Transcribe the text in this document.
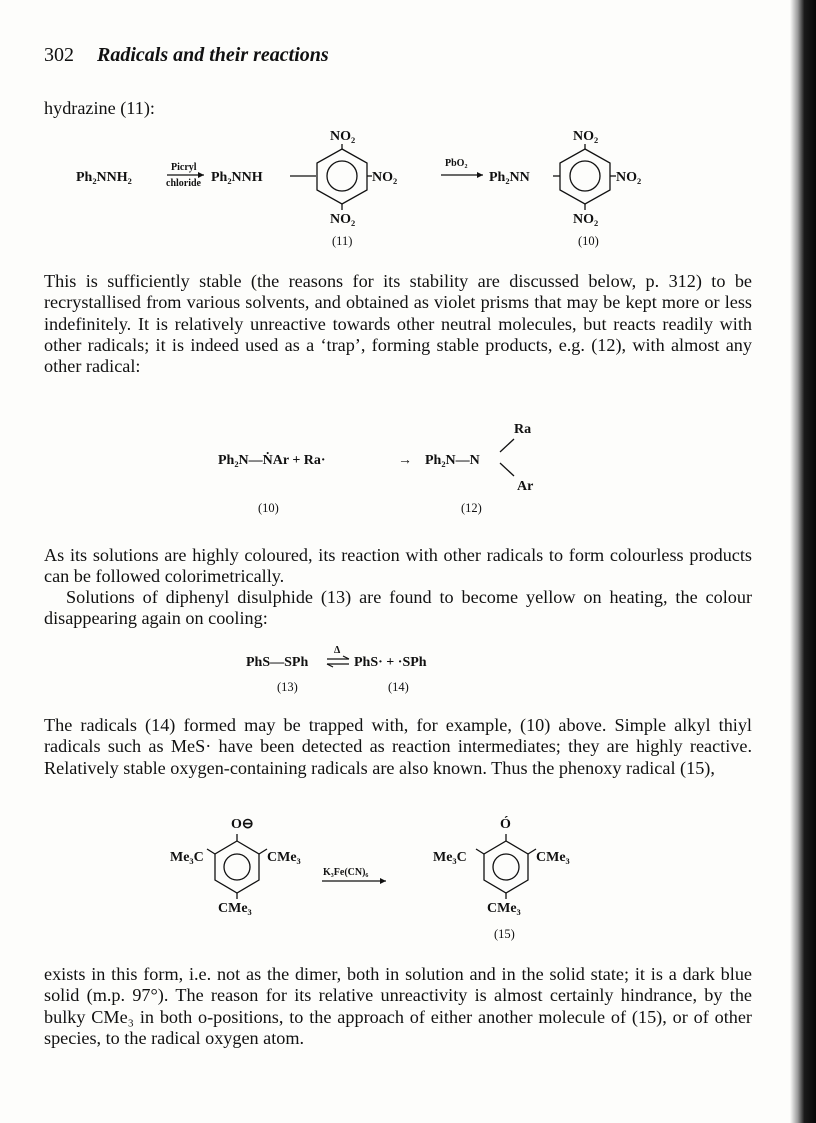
302 Radicals and their reactions

hydrazine (11):

Ph₂NNH₂
Picryl
chloride Ph₂NNH
NO₂
NO₂
NO₂
(11)
PbO₂
Ph₂NN
NO₂
NO₂
NO₂
(10)

This is sufficiently stable (the reasons for its stability are discussed below, p. 312) to be recrystallised from various solvents, and obtained as violet prisms that may be kept more or less indefinitely. It is relatively unreactive towards other neutral molecules, but reacts readily with other radicals; it is indeed used as a ‘trap’, forming stable products, e.g. (12), with almost any other radical:

Ph₂N—ṄAr + Ra·	→ Ph₂N—N
Ra
Ar
(10)	(12)

As its solutions are highly coloured, its reaction with other radicals to form colourless products can be followed colorimetrically.

Solutions of diphenyl disulphide (13) are found to become yellow on heating, the colour disappearing again on cooling:

PhS—SPh
Δ
PhS· + ·SPh
(13)	(14)

The radicals (14) formed may be trapped with, for example, (10) above. Simple alkyl thiyl radicals such as MeS· have been detected as reaction intermediates; they are highly reactive. Relatively stable oxygen-containing radicals are also known. Thus the phenoxy radical (15),

O⊖
Me₃C	CMe₃
CMe₃
K₃Fe(CN)₆
Ó
Me₃C	CMe₃
CMe₃
(15)

exists in this form, i.e. not as the dimer, both in solution and in the solid state; it is a dark blue solid (m.p. 97°). The reason for its relative unreactivity is almost certainly hindrance, by the bulky CMe₃ in both o-positions, to the approach of either another molecule of (15), or of other species, to the radical oxygen atom.
